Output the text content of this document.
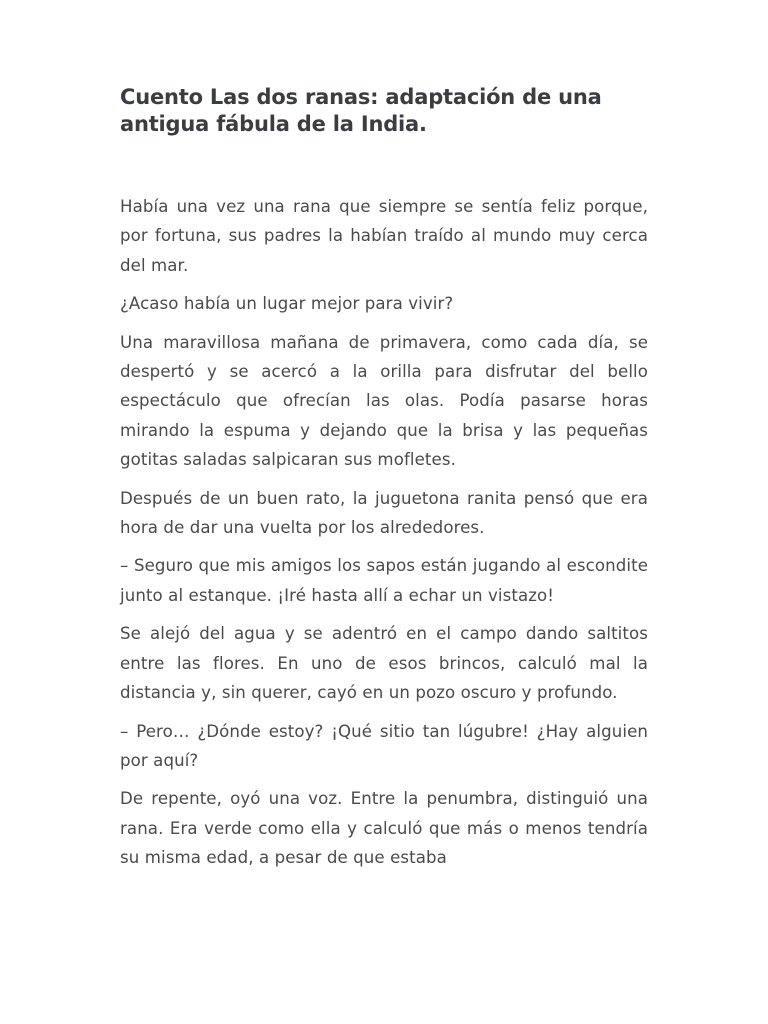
Cuento Las dos ranas: adaptación de una antigua fábula de la India.

Había una vez una rana que siempre se sentía feliz porque, por fortuna, sus padres la habían traído al mundo muy cerca del mar.

¿Acaso había un lugar mejor para vivir?

Una maravillosa mañana de primavera, como cada día, se despertó y se acercó a la orilla para disfrutar del bello espectáculo que ofrecían las olas. Podía pasarse horas mirando la espuma y dejando que la brisa y las pequeñas gotitas saladas salpicaran sus mofletes.

Después de un buen rato, la juguetona ranita pensó que era hora de dar una vuelta por los alrededores.

– Seguro que mis amigos los sapos están jugando al escondite junto al estanque. ¡Iré hasta allí a echar un vistazo!

Se alejó del agua y se adentró en el campo dando saltitos entre las flores. En uno de esos brincos, calculó mal la distancia y, sin querer, cayó en un pozo oscuro y profundo.

– Pero… ¿Dónde estoy? ¡Qué sitio tan lúgubre! ¿Hay alguien por aquí?

De repente, oyó una voz. Entre la penumbra, distinguió una rana. Era verde como ella y calculó que más o menos tendría su misma edad, a pesar de que estaba
